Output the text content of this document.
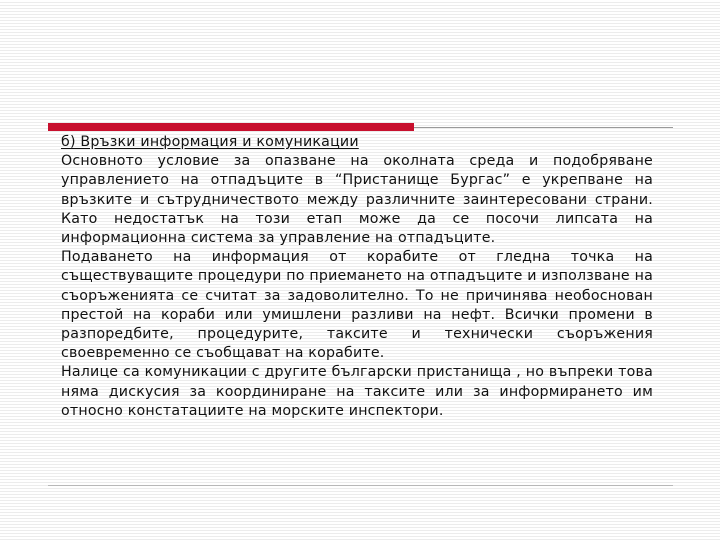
б) Връзки информация и комуникации

Основното условие за опазване на околната среда и подобряване управлението на отпадъците в “Пристанище Бургас” е укрепване на връзките и сътрудничеството между различните заинтересовани страни. Като недостатък на този етап може да се посочи липсата на информационна система за управление на отпадъците.

Подаването на информация от корабите от гледна точка на съществуващите процедури по приемането на отпадъците и използване на съоръженията се считат за задоволително. То не причинява необоснован престой на кораби или умишлени разливи на нефт. Всички промени в разпоредбите, процедурите, таксите и технически съоръжения своевременно се съобщават на корабите.

Налице са комуникации с другите български пристанища , но въпреки това няма дискусия за координиране на таксите или за информирането им относно констатациите на морските инспектори.
